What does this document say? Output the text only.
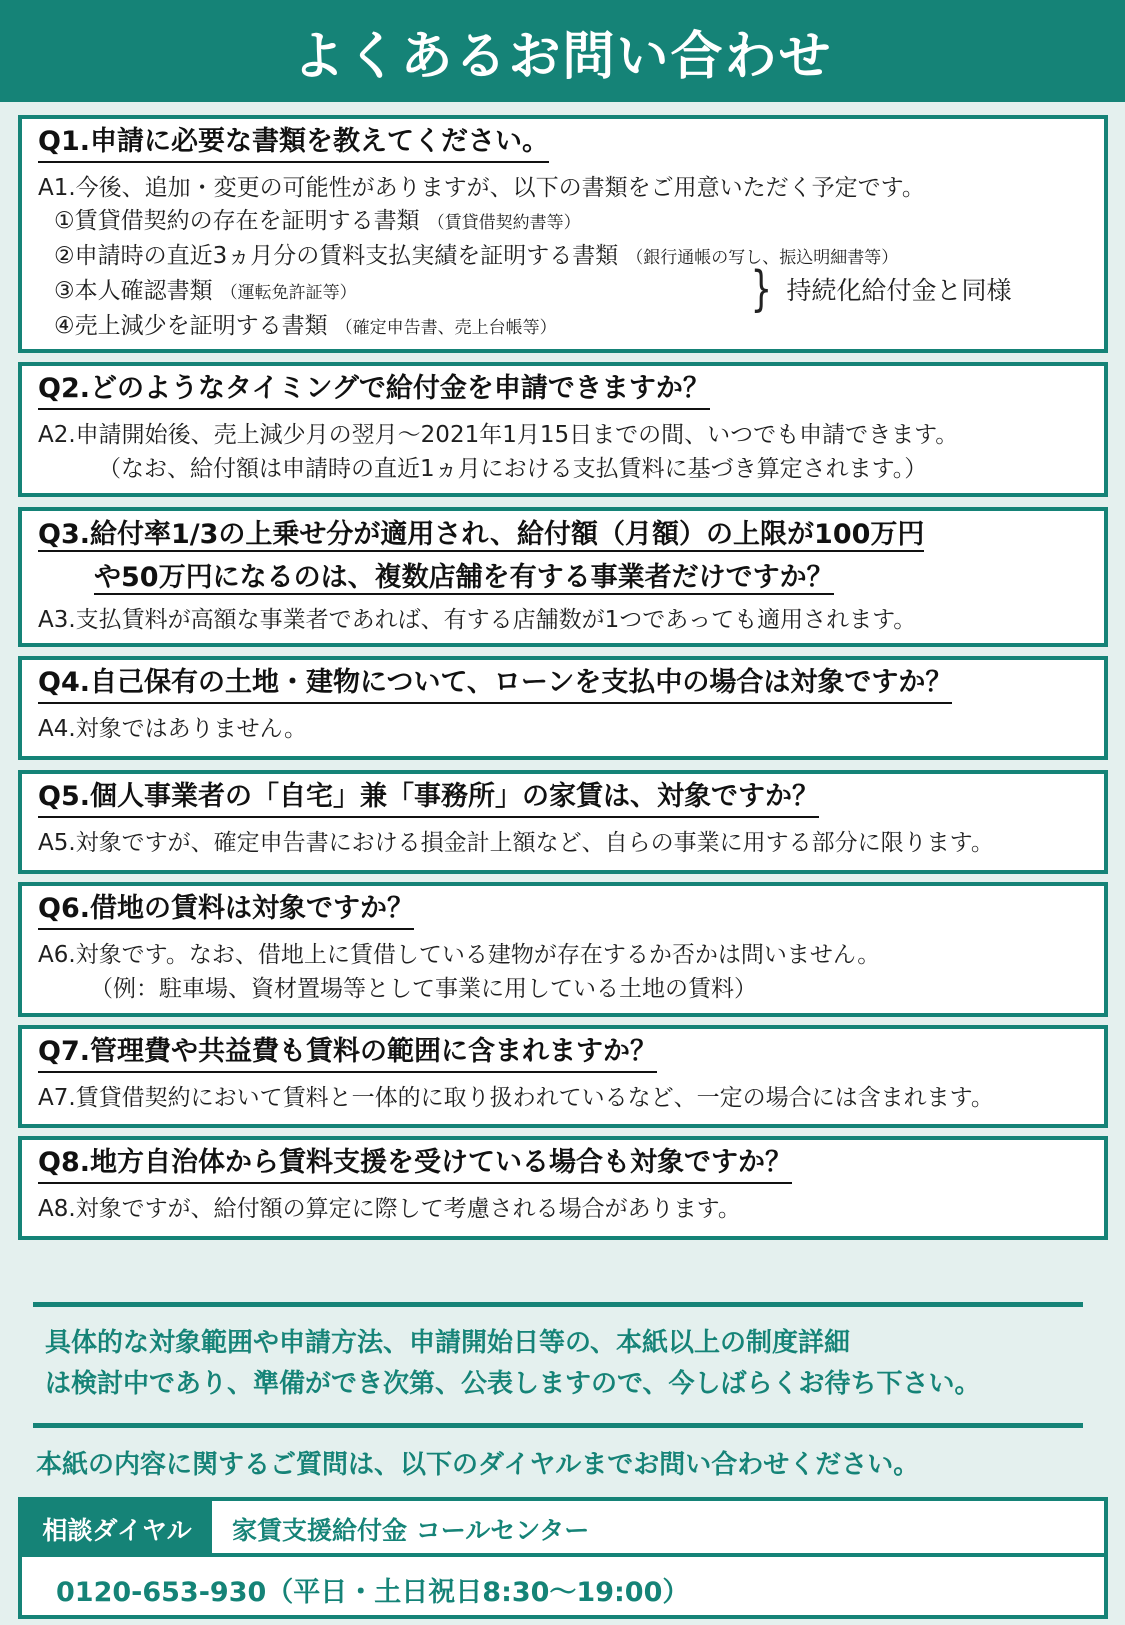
よくあるお問い合わせ
Q1.申請に必要な書類を教えてください。
A1.今後、追加・変更の可能性がありますが、以下の書類をご用意いただく予定です。
①賃貸借契約の存在を証明する書類 （賃貸借契約書等）
②申請時の直近3ヵ月分の賃料支払実績を証明する書類 （銀行通帳の写し、振込明細書等）
③本人確認書類 （運転免許証等）
④売上減少を証明する書類 （確定申告書、売上台帳等）
} 持続化給付金と同様
Q2.どのようなタイミングで給付金を申請できますか？
A2.申請開始後、売上減少月の翌月～2021年1月15日までの間、いつでも申請できます。
（なお、給付額は申請時の直近1ヵ月における支払賃料に基づき算定されます。）
Q3.給付率1/3の上乗せ分が適用され、給付額（月額）の上限が100万円
や50万円になるのは、複数店舗を有する事業者だけですか？
A3.支払賃料が高額な事業者であれば、有する店舗数が1つであっても適用されます。
Q4.自己保有の土地・建物について、ローンを支払中の場合は対象ですか？
A4.対象ではありません。
Q5.個人事業者の「自宅」兼「事務所」の家賃は、対象ですか？
A5.対象ですが、確定申告書における損金計上額など、自らの事業に用する部分に限ります。
Q6.借地の賃料は対象ですか？
A6.対象です。なお、借地上に賃借している建物が存在するか否かは問いません。
（例：駐車場、資材置場等として事業に用している土地の賃料）
Q7.管理費や共益費も賃料の範囲に含まれますか？
A7.賃貸借契約において賃料と一体的に取り扱われているなど、一定の場合には含まれます。
Q8.地方自治体から賃料支援を受けている場合も対象ですか？
A8.対象ですが、給付額の算定に際して考慮される場合があります。
具体的な対象範囲や申請方法、申請開始日等の、本紙以上の制度詳細
は検討中であり、準備ができ次第、公表しますので、今しばらくお待ち下さい。
本紙の内容に関するご質問は、以下のダイヤルまでお問い合わせください。
相談ダイヤル	家賃支援給付金 コールセンター
0120-653-930（平日・土日祝日8:30～19:00）
